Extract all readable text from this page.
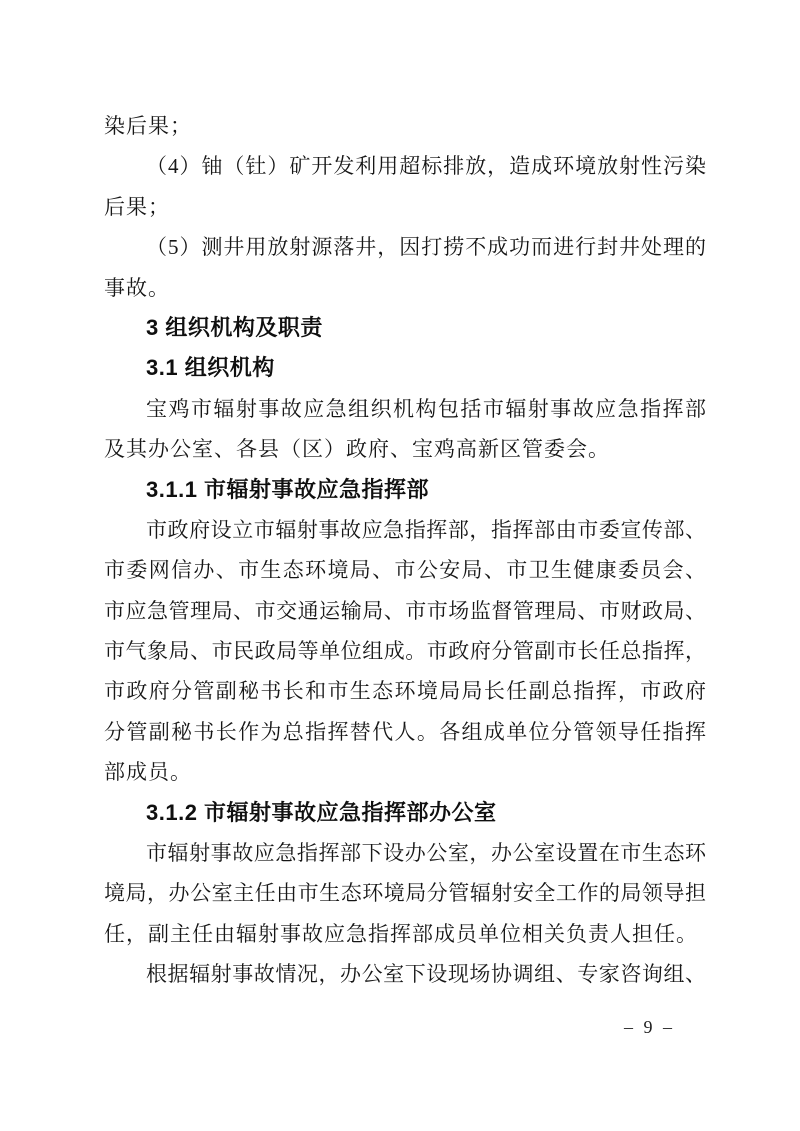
染后果；
（4）铀（钍）矿开发利用超标排放，造成环境放射性污染
后果；
（5）测井用放射源落井，因打捞不成功而进行封井处理的
事故。
3 组织机构及职责
3.1 组织机构
宝鸡市辐射事故应急组织机构包括市辐射事故应急指挥部
及其办公室、各县（区）政府、宝鸡高新区管委会。
3.1.1 市辐射事故应急指挥部
市政府设立市辐射事故应急指挥部，指挥部由市委宣传部、
市委网信办、市生态环境局、市公安局、市卫生健康委员会、
市应急管理局、市交通运输局、市市场监督管理局、市财政局、
市气象局、市民政局等单位组成。市政府分管副市长任总指挥，
市政府分管副秘书长和市生态环境局局长任副总指挥，市政府
分管副秘书长作为总指挥替代人。各组成单位分管领导任指挥
部成员。
3.1.2 市辐射事故应急指挥部办公室
市辐射事故应急指挥部下设办公室，办公室设置在市生态环
境局，办公室主任由市生态环境局分管辐射安全工作的局领导担
任，副主任由辐射事故应急指挥部成员单位相关负责人担任。
根据辐射事故情况，办公室下设现场协调组、专家咨询组、
– 9 –
